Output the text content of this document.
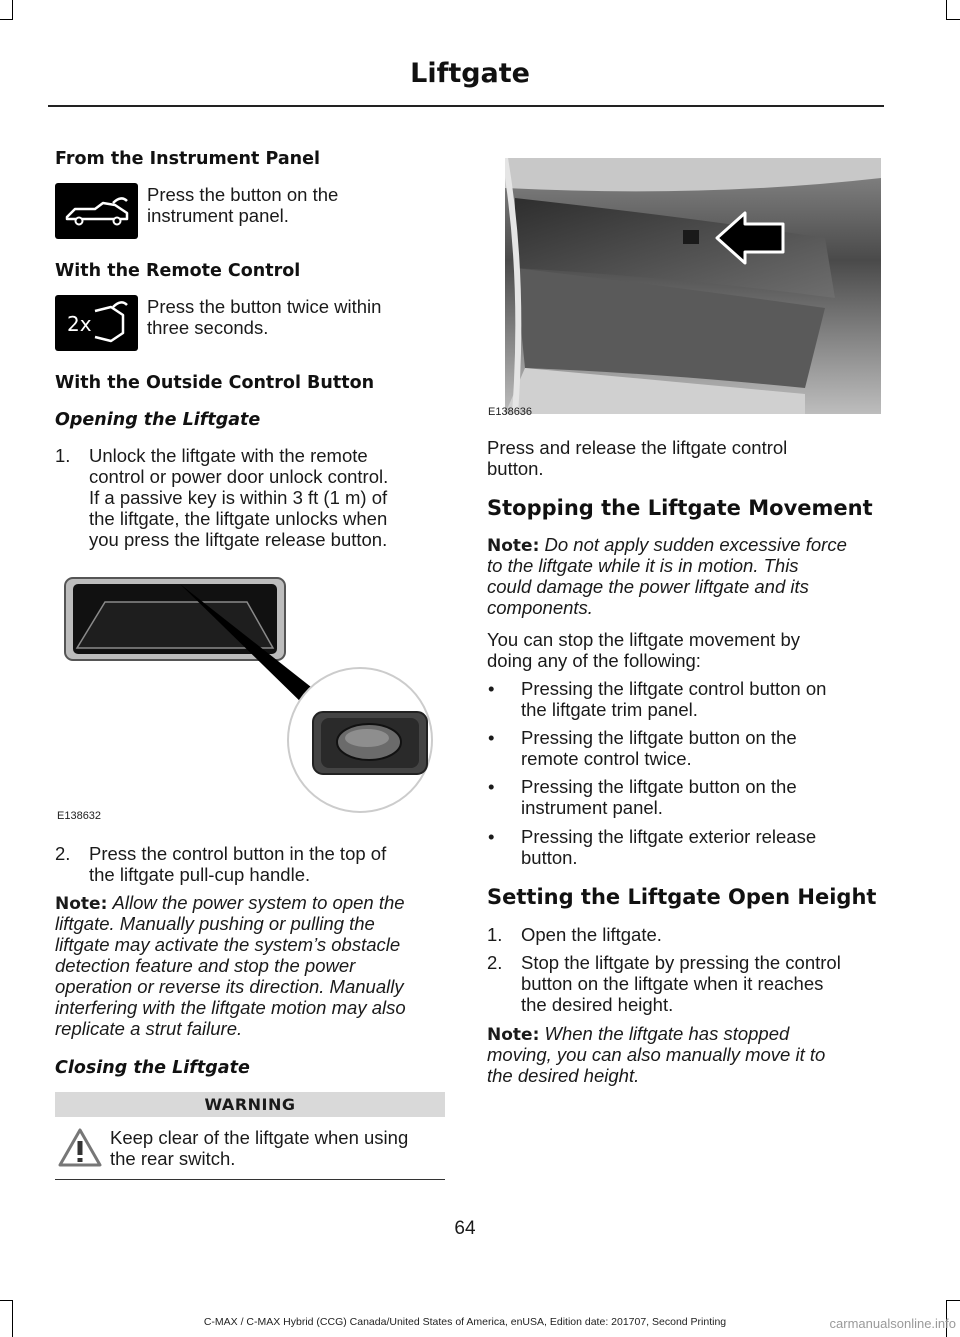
Liftgate
From the Instrument Panel
Press the button on the
instrument panel.
With the Remote Control
2x
Press the button twice within
three seconds.
With the Outside Control Button
Opening the Liftgate
1. Unlock the liftgate with the remote
control or power door unlock control.
If a passive key is within 3 ft (1 m) of
the liftgate, the liftgate unlocks when
you press the liftgate release button.
E138632
2. Press the control button in the top of
the liftgate pull-cup handle.
Note: Allow the power system to open the
liftgate. Manually pushing or pulling the
liftgate may activate the system’s obstacle
detection feature and stop the power
operation or reverse its direction. Manually
interfering with the liftgate motion may also
replicate a strut failure.
Closing the Liftgate
WARNING
Keep clear of the liftgate when using
the rear switch.
E138636
Press and release the liftgate control
button.
Stopping the Liftgate Movement
Note: Do not apply sudden excessive force
to the liftgate while it is in motion. This
could damage the power liftgate and its
components.
You can stop the liftgate movement by
doing any of the following:
• Pressing the liftgate control button on
the liftgate trim panel.
• Pressing the liftgate button on the
remote control twice.
• Pressing the liftgate button on the
instrument panel.
• Pressing the liftgate exterior release
button.
Setting the Liftgate Open Height
1. Open the liftgate.
2. Stop the liftgate by pressing the control
button on the liftgate when it reaches
the desired height.
Note: When the liftgate has stopped
moving, you can also manually move it to
the desired height.
64
C-MAX / C-MAX Hybrid (CCG) Canada/United States of America, enUSA, Edition date: 201707, Second Printing	carmanualsonline.info
